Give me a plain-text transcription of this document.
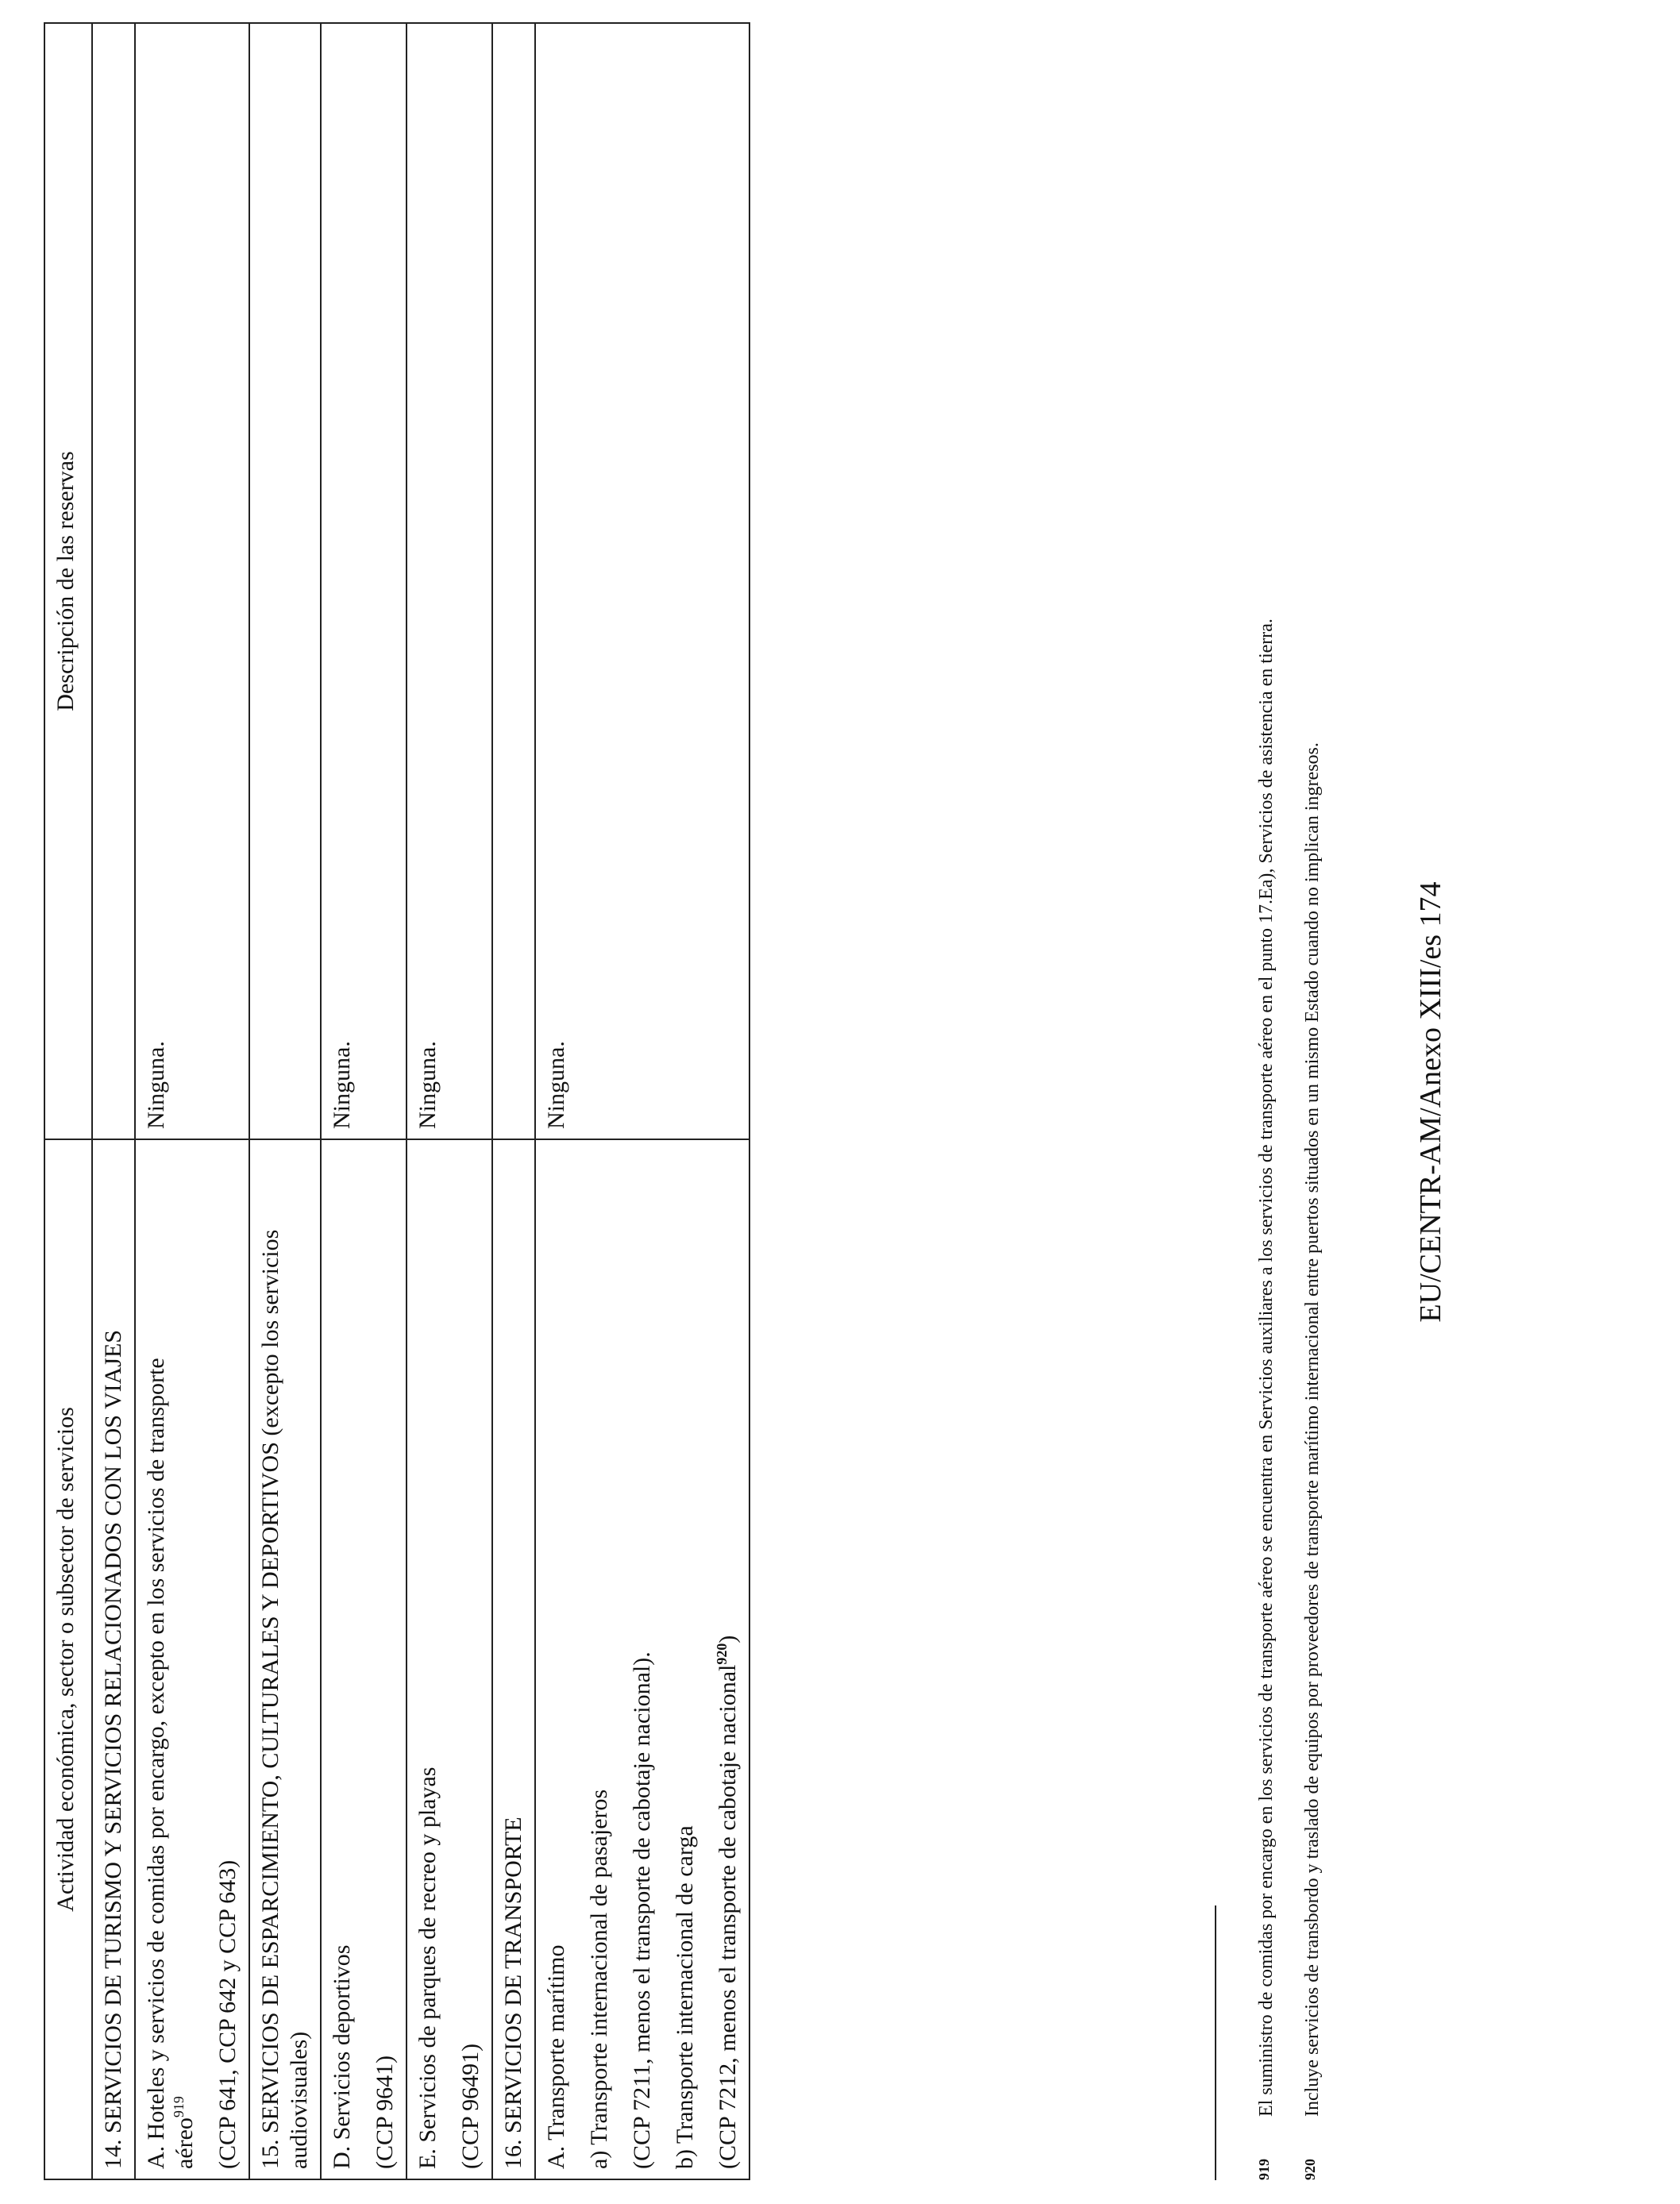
Actividad económica, sector o subsector de servicios	Descripción de las reservas
14. SERVICIOS DE TURISMO Y SERVICIOS RELACIONADOS CON LOS VIAJES	

A. Hoteles y servicios de comidas por encargo, excepto en los servicios de transporte aéreo$^{919}$ (CCP 641, CCP 642 y CCP 643)	Ninguna.
15. SERVICIOS DE ESPARCIMIENTO, CULTURALES Y DEPORTIVOS (excepto los servicios audiovisuales)	

D. Servicios deportivos (CCP 9641)	Ninguna.

E. Servicios de parques de recreo y playas (CCP 96491)	Ninguna.
16. SERVICIOS DE TRANSPORTE	

A. Transporte marítimo a) Transporte internacional de pasajeros (CCP 7211, menos el transporte de cabotaje nacional). b) Transporte internacional de carga (CCP 7212, menos el transporte de cabotaje nacional$^{920}$)	Ninguna.
919
El suministro de comidas por encargo en los servicios de transporte aéreo se encuentra en Servicios auxiliares a los servicios de transporte aéreo en el punto 17.Ea), Servicios de asistencia en tierra.
920
Incluye servicios de transbordo y traslado de equipos por proveedores de transporte marítimo internacional entre puertos situados en un mismo Estado cuando no implican ingresos.	EU/CENTR-AM/Anexo XIII/es 174
